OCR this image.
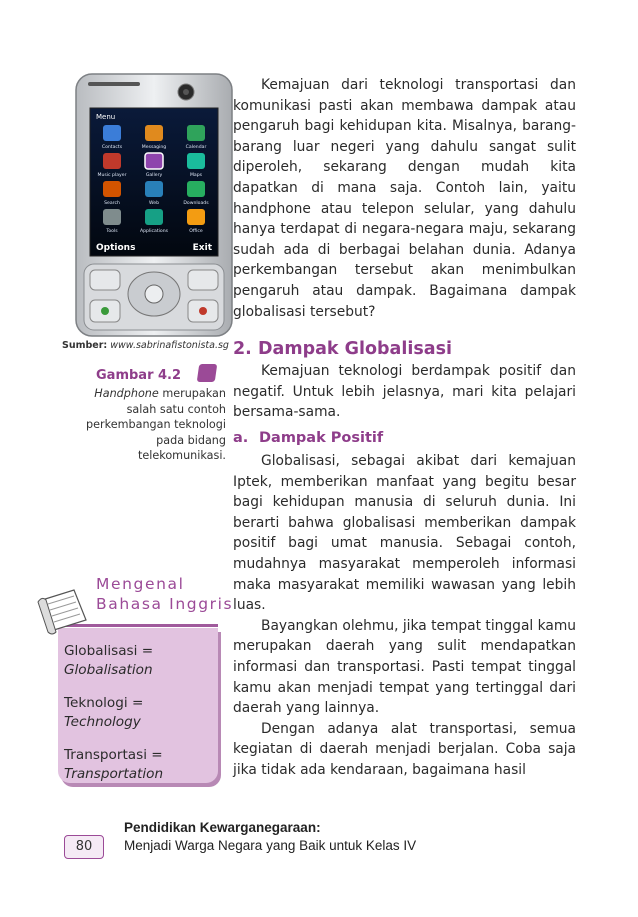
Menu
Contacts	Messaging	Calendar
Music player	Gallery	Maps
Search	Web	Downloads
Tools	Applications	Office
Options	Exit
Sumber: www.sabrinafistonista.sg
Gambar 4.2
Handphone merupakan salah satu contoh perkembangan teknologi pada bidang telekomunikasi.
Mengenal
Bahasa Inggris
Globalisasi =
Globalisation
Teknologi =
Technology
Transportasi =
Transportation

Kemajuan dari teknologi transportasi dan komunikasi pasti akan membawa dampak atau pengaruh bagi kehidupan kita. Misalnya, barang-barang luar negeri yang dahulu sangat sulit diperoleh, sekarang dengan mudah kita dapatkan di mana saja. Contoh lain, yaitu handphone atau telepon selular, yang dahulu hanya terdapat di negara-negara maju, sekarang sudah ada di berbagai belahan dunia. Adanya perkembangan tersebut akan menimbulkan pengaruh atau dampak. Bagaimana dampak globalisasi tersebut?

2. Dampak Globalisasi

Kemajuan teknologi berdampak positif dan negatif. Untuk lebih jelasnya, mari kita pelajari bersama-sama.

a. Dampak Positif

Globalisasi, sebagai akibat dari kemajuan Iptek, memberikan manfaat yang begitu besar bagi kehidupan manusia di seluruh dunia. Ini berarti bahwa globalisasi memberikan dampak positif bagi umat manusia. Sebagai contoh, mudahnya masyarakat memperoleh informasi maka masyarakat memiliki wawasan yang lebih luas.

Bayangkan olehmu, jika tempat tinggal kamu merupakan daerah yang sulit mendapatkan informasi dan transportasi. Pasti tempat tinggal kamu akan menjadi tempat yang tertinggal dari daerah yang lainnya.

Dengan adanya alat transportasi, semua kegiatan di daerah menjadi berjalan. Coba saja jika tidak ada kendaraan, bagaimana hasil

80
Pendidikan Kewarganegaraan:
Menjadi Warga Negara yang Baik untuk Kelas IV
